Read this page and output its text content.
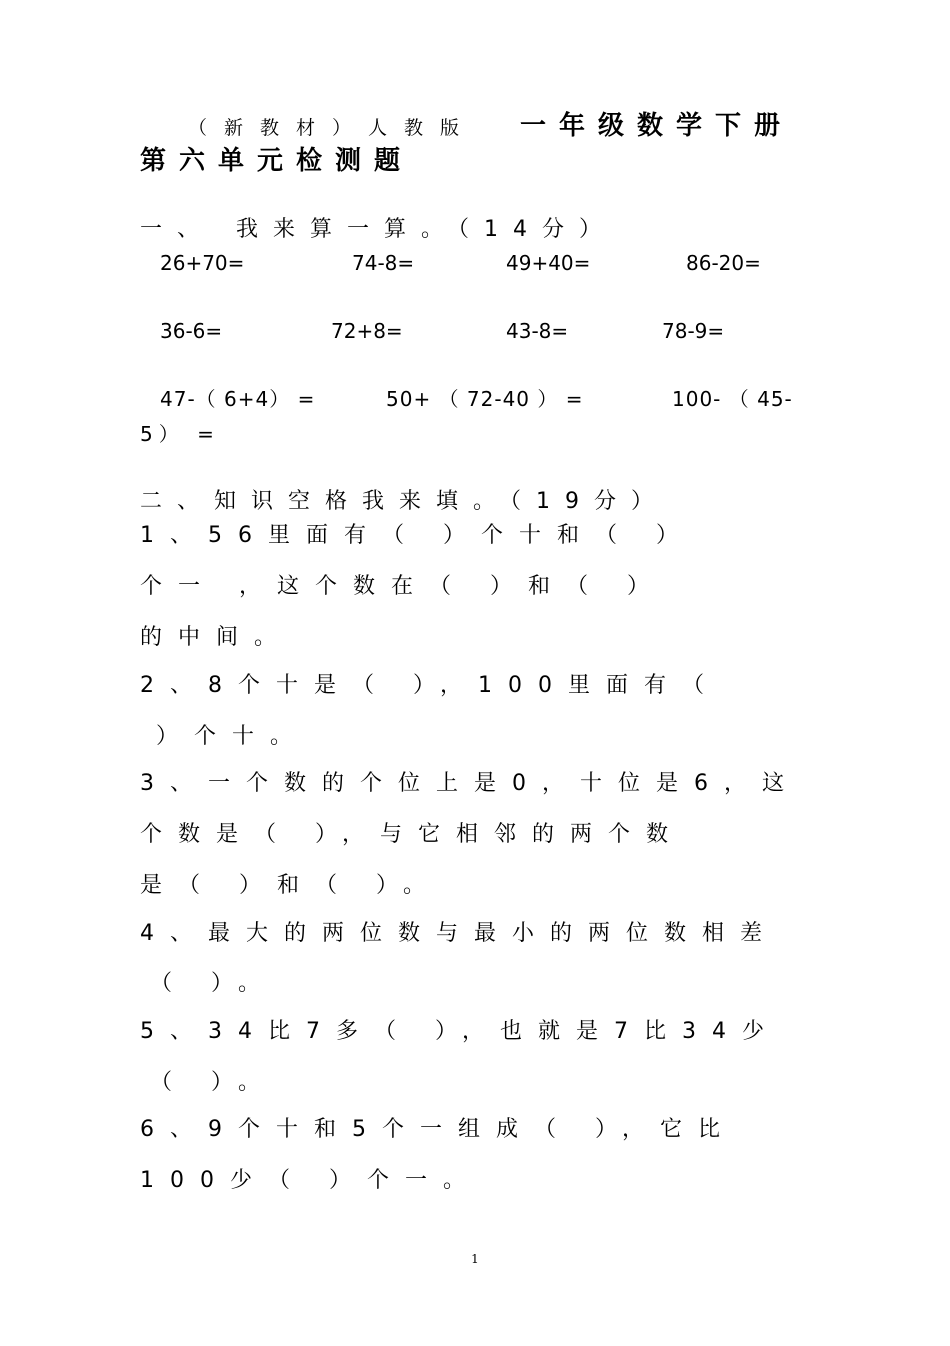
（新教材）人教版 一年级数学下册
第六单元检测题
一、 我来算一算。（14分）
26+70=	74-8=	49+40=	86-20=
36-6=	72+8=	43-8=	78-9=
47-（ 6+4） =	50+ （ 72-40 ） =	100- （ 45-
5） =
二、知识空格我来填。（19分）
1、56里面有（ ）个十和（ ）
个一 ，这个数在（ ）和（ ）
的中间。
2、8个十是（ ），100里面有（
）个十。
3、一个数的个位上是0，十位是6，这
个数是（ ），与它相邻的两个数
是（ ）和（ ）。
4、最大的两位数与最小的两位数相差
（ ）。
5、34比7多（ ），也就是7比34少
（ ）。
6、9个十和5个一组成（ ），它比
100少（ ）个一。
1
